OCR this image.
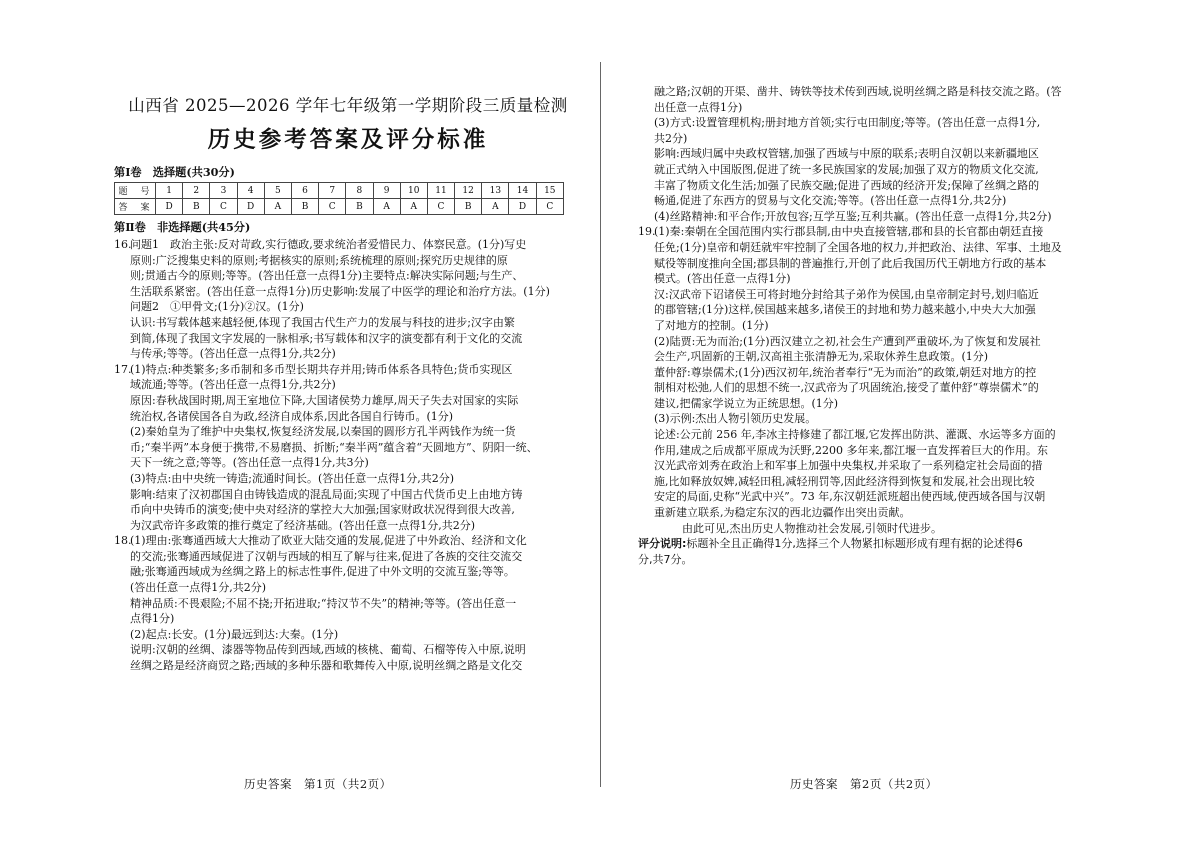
山西省 2025—2026 学年七年级第一学期阶段三质量检测
历史参考答案及评分标准
第Ⅰ卷　选择题(共30分)
题　号	1	2	3	4	5	6	7	8	9	10	11	12	13	14	15
答　案	D	B	C	D	A	B	C	B	A	A	C	B	A	D	C
第Ⅱ卷　非选择题(共45分)
16.

问题1　政治主张:反对苛政,实行德政,要求统治者爱惜民力、体察民意。(1分)写史

原则:广泛搜集史料的原则;考据核实的原则;系统梳理的原则;探究历史规律的原

则;贯通古今的原则;等等。(答出任意一点得1分)主要特点:解决实际问题;与生产、

生活联系紧密。(答出任意一点得1分)历史影响:发展了中医学的理论和治疗方法。(1分)

问题2　①甲骨文;(1分)②汉。(1分)

认识:书写载体越来越轻便,体现了我国古代生产力的发展与科技的进步;汉字由繁

到简,体现了我国文字发展的一脉相承;书写载体和汉字的演变都有利于文化的交流

与传承;等等。(答出任意一点得1分,共2分)

17.

(1)特点:种类繁多;多币制和多币型长期共存并用;铸币体系各具特色;货币实现区

域流通;等等。(答出任意一点得1分,共2分)

原因:春秋战国时期,周王室地位下降,大国诸侯势力雄厚,周天子失去对国家的实际

统治权,各诸侯国各自为政,经济自成体系,因此各国自行铸币。(1分)

(2)秦始皇为了维护中央集权,恢复经济发展,以秦国的圆形方孔半两钱作为统一货

币;“秦半两”本身便于携带,不易磨损、折断;“秦半两”蕴含着“天圆地方”、阴阳一统、

天下一统之意;等等。(答出任意一点得1分,共3分)

(3)特点:由中央统一铸造;流通时间长。(答出任意一点得1分,共2分)

影响:结束了汉初郡国自由铸钱造成的混乱局面;实现了中国古代货币史上由地方铸

币向中央铸币的演变;使中央对经济的掌控大大加强;国家财政状况得到很大改善,

为汉武帝许多政策的推行奠定了经济基础。(答出任意一点得1分,共2分)

18.

(1)理由:张骞通西域大大推动了欧亚大陆交通的发展,促进了中外政治、经济和文化

的交流;张骞通西域促进了汉朝与西域的相互了解与往来,促进了各族的交往交流交

融;张骞通西域成为丝绸之路上的标志性事件,促进了中外文明的交流互鉴;等等。

(答出任意一点得1分,共2分)

精神品质:不畏艰险;不屈不挠;开拓进取;“持汉节不失”的精神;等等。(答出任意一

点得1分)

(2)起点:长安。(1分)最远到达:大秦。(1分)

说明:汉朝的丝绸、漆器等物品传到西域,西域的核桃、葡萄、石榴等传入中原,说明

丝绸之路是经济商贸之路;西域的多种乐器和歌舞传入中原,说明丝绸之路是文化交

历史答案　第1页（共2页）

融之路;汉朝的开渠、凿井、铸铁等技术传到西域,说明丝绸之路是科技交流之路。(答

出任意一点得1分)

(3)方式:设置管理机构;册封地方首领;实行屯田制度;等等。(答出任意一点得1分,

共2分)

影响:西域归属中央政权管辖,加强了西域与中原的联系;表明自汉朝以来新疆地区

就正式纳入中国版图,促进了统一多民族国家的发展;加强了双方的物质文化交流,

丰富了物质文化生活;加强了民族交融;促进了西域的经济开发;保障了丝绸之路的

畅通,促进了东西方的贸易与文化交流;等等。(答出任意一点得1分,共2分)

(4)丝路精神:和平合作;开放包容;互学互鉴;互利共赢。(答出任意一点得1分,共2分)

19.

(1)秦:秦朝在全国范围内实行郡县制,由中央直接管辖,郡和县的长官都由朝廷直接

任免;(1分)皇帝和朝廷就牢牢控制了全国各地的权力,并把政治、法律、军事、土地及

赋役等制度推向全国;郡县制的普遍推行,开创了此后我国历代王朝地方行政的基本

模式。(答出任意一点得1分)

汉:汉武帝下诏诸侯王可将封地分封给其子弟作为侯国,由皇帝制定封号,划归临近

的郡管辖;(1分)这样,侯国越来越多,诸侯王的封地和势力越来越小,中央大大加强

了对地方的控制。(1分)

(2)陆贾:无为而治;(1分)西汉建立之初,社会生产遭到严重破坏,为了恢复和发展社

会生产,巩固新的王朝,汉高祖主张清静无为,采取休养生息政策。(1分)

董仲舒:尊崇儒术;(1分)西汉初年,统治者奉行“无为而治”的政策,朝廷对地方的控

制相对松弛,人们的思想不统一,汉武帝为了巩固统治,接受了董仲舒“尊崇儒术”的

建议,把儒家学说立为正统思想。(1分)

(3)示例:杰出人物引领历史发展。

论述:公元前 256 年,李冰主持修建了都江堰,它发挥出防洪、灌溉、水运等多方面的

作用,建成之后成都平原成为沃野,2200 多年来,都江堰一直发挥着巨大的作用。东

汉光武帝刘秀在政治上和军事上加强中央集权,并采取了一系列稳定社会局面的措

施,比如释放奴婢,减轻田租,减轻刑罚等,因此经济得到恢复和发展,社会出现比较

安定的局面,史称“光武中兴”。73 年,东汉朝廷派班超出使西域,使西域各国与汉朝

重新建立联系,为稳定东汉的西北边疆作出突出贡献。

由此可见,杰出历史人物推动社会发展,引领时代进步。

评分说明:标题补全且正确得1分,选择三个人物紧扣标题形成有理有据的论述得6

分,共7分。

历史答案　第2页（共2页）
